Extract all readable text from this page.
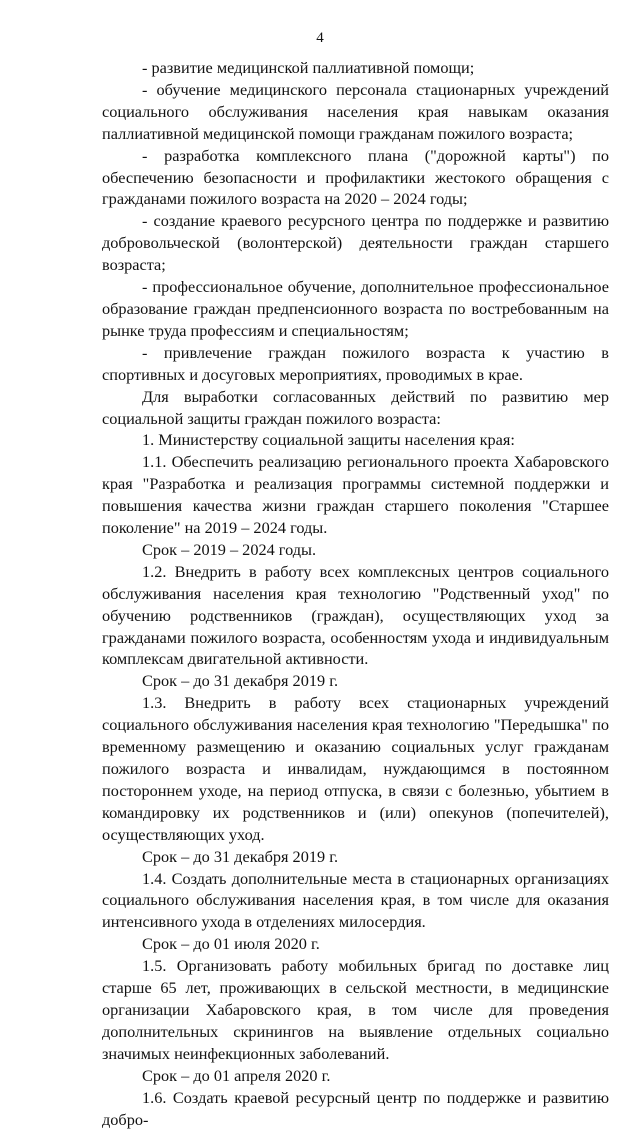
4

- развитие медицинской паллиативной помощи;

- обучение медицинского персонала стационарных учреждений социального обслуживания населения края навыкам оказания паллиативной медицинской помощи гражданам пожилого возраста;

- разработка комплексного плана ("дорожной карты") по обеспечению безопасности и профилактики жестокого обращения с гражданами пожилого возраста на 2020 – 2024 годы;

- создание краевого ресурсного центра по поддержке и развитию добровольческой (волонтерской) деятельности граждан старшего возраста;

- профессиональное обучение, дополнительное профессиональное образование граждан предпенсионного возраста по востребованным на рынке труда профессиям и специальностям;

- привлечение граждан пожилого возраста к участию в спортивных и досуговых мероприятиях, проводимых в крае.

Для выработки согласованных действий по развитию мер социальной защиты граждан пожилого возраста:

1. Министерству социальной защиты населения края:

1.1. Обеспечить реализацию регионального проекта Хабаровского края "Разработка и реализация программы системной поддержки и повышения качества жизни граждан старшего поколения "Старшее поколение" на 2019 – 2024 годы.

Срок – 2019 – 2024 годы.

1.2. Внедрить в работу всех комплексных центров социального обслуживания населения края технологию "Родственный уход" по обучению родственников (граждан), осуществляющих уход за гражданами пожилого возраста, особенностям ухода и индивидуальным комплексам двигательной активности.

Срок – до 31 декабря 2019 г.

1.3. Внедрить в работу всех стационарных учреждений социального обслуживания населения края технологию "Передышка" по временному размещению и оказанию социальных услуг гражданам пожилого возраста и инвалидам, нуждающимся в постоянном постороннем уходе, на период отпуска, в связи с болезнью, убытием в командировку их родственников и (или) опекунов (попечителей), осуществляющих уход.

Срок – до 31 декабря 2019 г.

1.4. Создать дополнительные места в стационарных организациях социального обслуживания населения края, в том числе для оказания интенсивного ухода в отделениях милосердия.

Срок – до 01 июля 2020 г.

1.5. Организовать работу мобильных бригад по доставке лиц старше 65 лет, проживающих в сельской местности, в медицинские организации Хабаровского края, в том числе для проведения дополнительных скринингов на выявление отдельных социально значимых неинфекционных заболеваний.

Срок – до 01 апреля 2020 г.

1.6. Создать краевой ресурсный центр по поддержке и развитию добро-
